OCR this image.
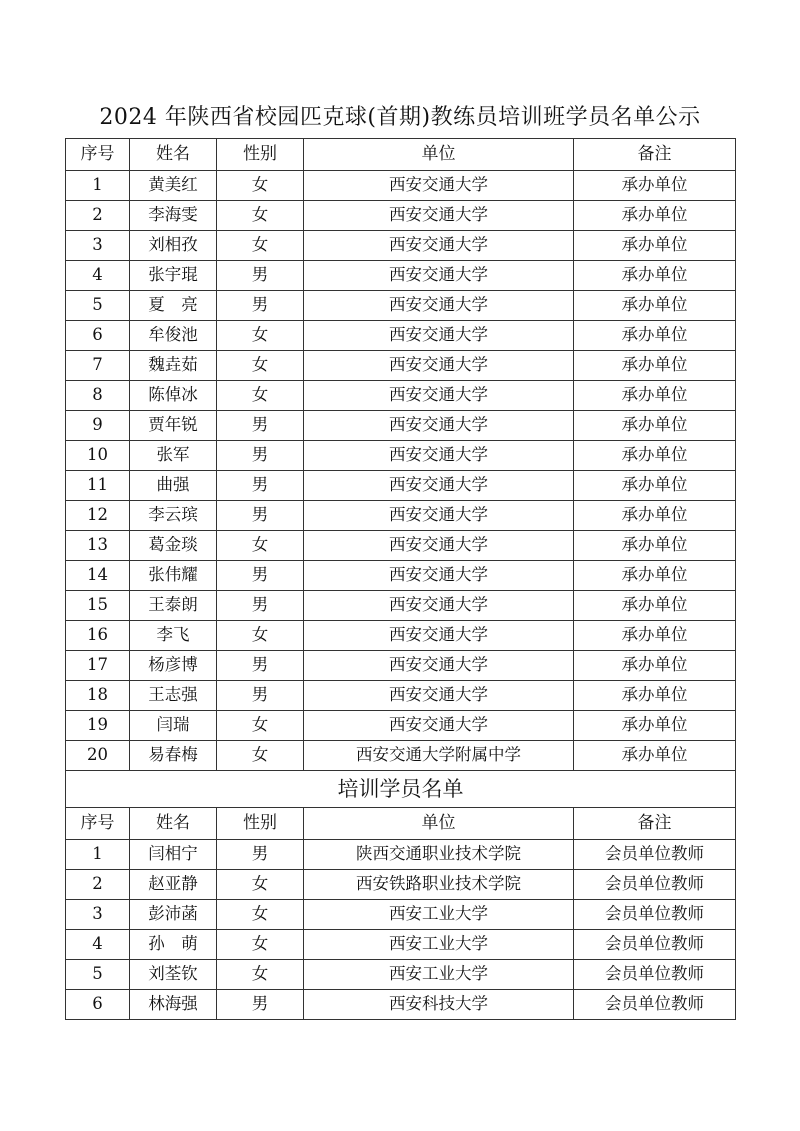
2024 年陕西省校园匹克球(首期)教练员培训班学员名单公示
序号	姓名	性别	单位	备注
1	黄美红	女	西安交通大学	承办单位
2	李海雯	女	西安交通大学	承办单位
3	刘相孜	女	西安交通大学	承办单位
4	张宇琨	男	西安交通大学	承办单位
5	夏　亮	男	西安交通大学	承办单位
6	牟俊池	女	西安交通大学	承办单位
7	魏垚茹	女	西安交通大学	承办单位
8	陈倬冰	女	西安交通大学	承办单位
9	贾年锐	男	西安交通大学	承办单位
10	张军	男	西安交通大学	承办单位
11	曲强	男	西安交通大学	承办单位
12	李云瑸	男	西安交通大学	承办单位
13	葛金琰	女	西安交通大学	承办单位
14	张伟耀	男	西安交通大学	承办单位
15	王泰朗	男	西安交通大学	承办单位
16	李飞	女	西安交通大学	承办单位
17	杨彦博	男	西安交通大学	承办单位
18	王志强	男	西安交通大学	承办单位
19	闫瑞	女	西安交通大学	承办单位
20	易春梅	女	西安交通大学附属中学	承办单位
培训学员名单				
序号	姓名	性别	单位	备注
1	闫相宁	男	陕西交通职业技术学院	会员单位教师
2	赵亚静	女	西安铁路职业技术学院	会员单位教师
3	彭沛菡	女	西安工业大学	会员单位教师
4	孙　萌	女	西安工业大学	会员单位教师
5	刘荃钦	女	西安工业大学	会员单位教师
6	林海强	男	西安科技大学	会员单位教师
